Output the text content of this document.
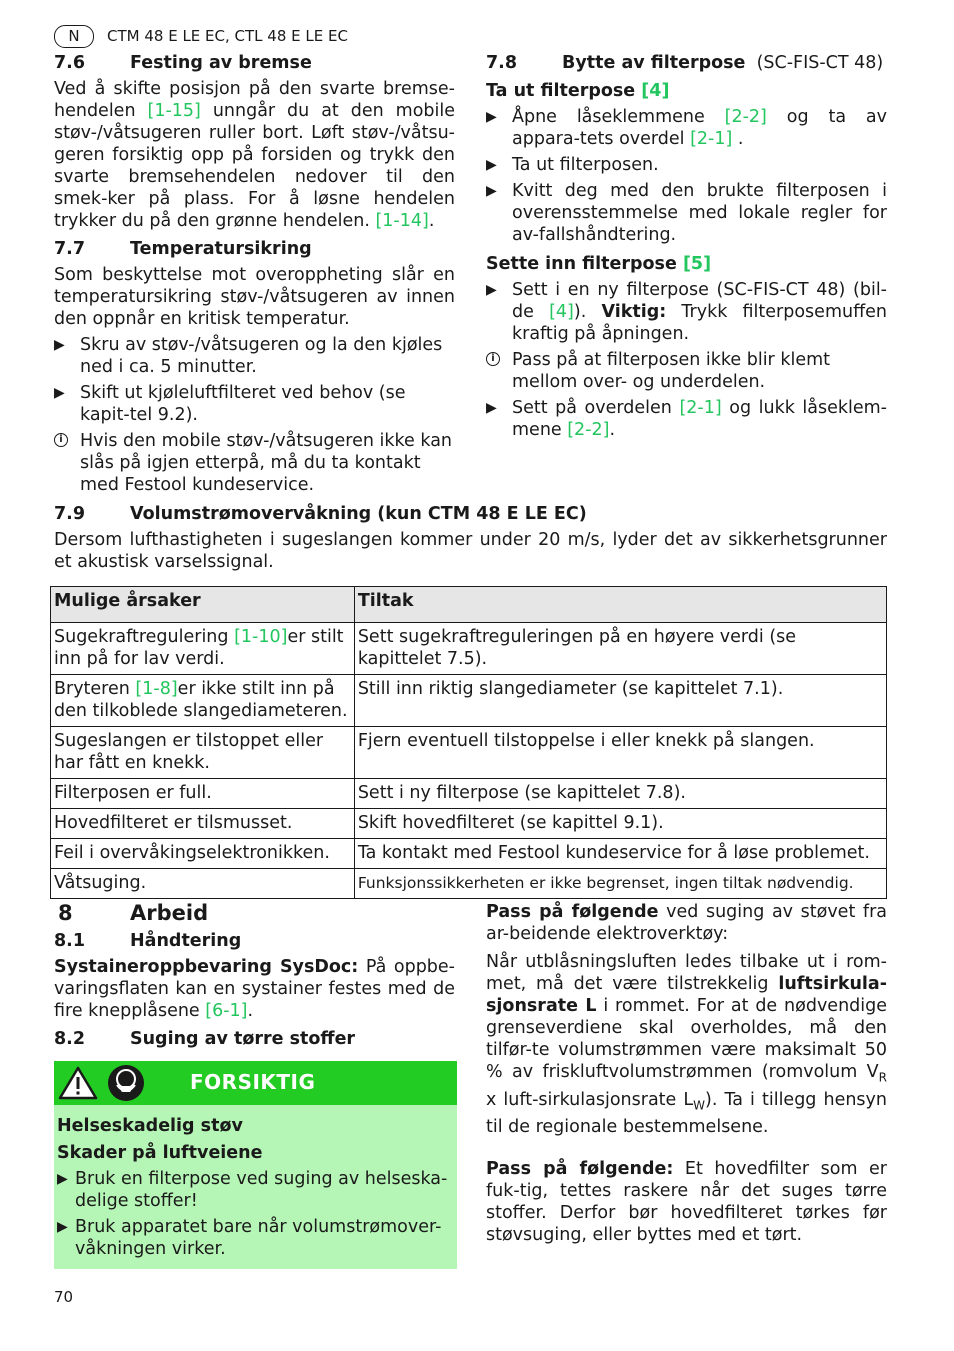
N	CTM 48 E LE EC, CTL 48 E LE EC
7.6	Festing av bremse

Ved å skifte posisjon på den svarte bremse-hendelen [1-15] unngår du at den mobile støv-/våtsugeren ruller bort. Løft støv-/våtsu-geren forsiktig opp på forsiden og trykk den svarte bremsehendelen nedover til den smek-ker på plass. For å løsne hendelen trykker du på den grønne hendelen. [1-14].

7.7	Temperatursikring

Som beskyttelse mot overoppheting slår en temperatursikring støv-/våtsugeren av innen den oppnår en kritisk temperatur.

▶ Skru av støv-/våtsugeren og la den kjøles ned i ca. 5 minutter.
▶ Skift ut kjøleluftfilteret ved behov (se kapit-tel 9.2).
i Hvis den mobile støv-/våtsugeren ikke kan slås på igjen etterpå, må du ta kontakt med Festool kundeservice.
7.8	Bytte av filterpose (SC-FIS-CT 48)

Ta ut filterpose [4]

▶ Åpne låseklemmene [2-2] og ta av appara-tets overdel [2-1] .
▶ Ta ut filterposen.
▶ Kvitt deg med den brukte filterposen i overensstemmelse med lokale regler for av-fallshåndtering.

Sette inn filterpose [5]

▶ Sett i en ny filterpose (SC-FIS-CT 48) (bil-de [4]). Viktig: Trykk filterposemuffen kraftig på åpningen.
i Pass på at filterposen ikke blir klemt mellom over- og underdelen.
▶ Sett på overdelen [2-1] og lukk låseklem-mene [2-2].
7.9	Volumstrømovervåkning (kun CTM 48 E LE EC)

Dersom lufthastigheten i sugeslangen kommer under 20 m/s, lyder det av sikkerhetsgrunner et akustisk varselssignal.

Mulige årsaker	Tiltak
Sugekraftregulering [1-10]er stilt inn på for lav verdi.	Sett sugekraftreguleringen på en høyere verdi (se kapittelet 7.5).
Bryteren [1-8]er ikke stilt inn på den tilkoblede slangediameteren.	Still inn riktig slangediameter (se kapittelet 7.1).
Sugeslangen er tilstoppet eller har fått en knekk.	Fjern eventuell tilstoppelse i eller knekk på slangen.
Filterposen er full.	Sett i ny filterpose (se kapittelet 7.8).
Hovedfilteret er tilsmusset.	Skift hovedfilteret (se kapittel 9.1).
Feil i overvåkingselektronikken.	Ta kontakt med Festool kundeservice for å løse problemet.
Våtsuging.	Funksjonssikkerheten er ikke begrenset, ingen tiltak nødvendig.
8	Arbeid
8.1	Håndtering

Systaineroppbevaring SysDoc: På oppbe-varingsflaten kan en systainer festes med de fire knepplåsene [6-1].

8.2	Suging av tørre stoffer
FORSIKTIG

Helseskadelig støv

Skader på luftveiene

▶ Bruk en filterpose ved suging av helseska-delige stoffer!
▶ Bruk apparatet bare når volumstrømover-våkningen virker.

Pass på følgende ved suging av støvet fra ar-beidende elektroverktøy:

Når utblåsningsluften ledes tilbake ut i rom-met, må det være tilstrekkelig luftsirkula-sjonsrate L i rommet. For at de nødvendige grenseverdiene skal overholdes, må den tilfør-te volumstrømmen være maksimalt 50 % av friskluftvolumstrømmen (romvolum $V_R$ x luft-sirkulasjonsrate $L_W$). Ta i tillegg hensyn til de regionale bestemmelsene.

Pass på følgende: Et hovedfilter som er fuk-tig, tettes raskere når det suges tørre stoffer. Derfor bør hovedfilteret tørkes før støvsuging, eller byttes med et tørt.

70
